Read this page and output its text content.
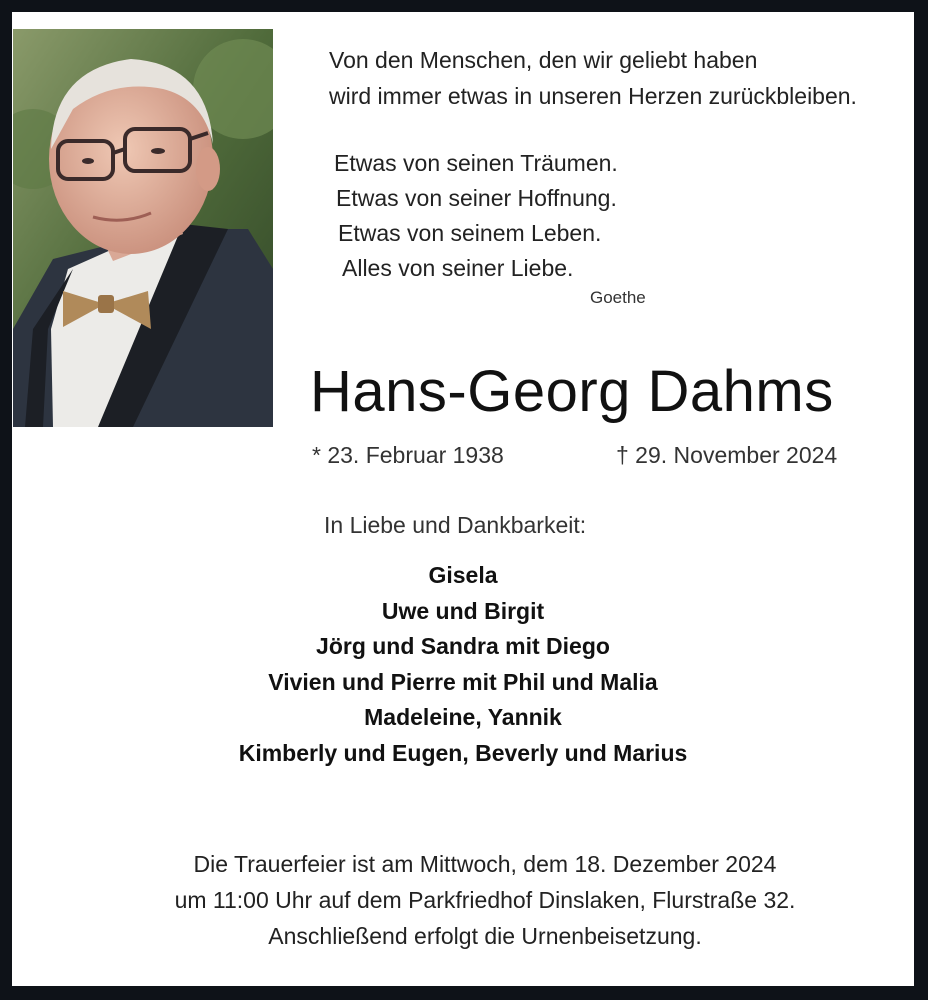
Von den Menschen, den wir geliebt haben
wird immer etwas in unseren Herzen zurückbleiben.
Etwas von seinen Träumen.
Etwas von seiner Hoffnung.
Etwas von seinem Leben.
Alles von seiner Liebe.
Goethe
Hans-Georg Dahms
* 23. Februar 1938	† 29. November 2024
In Liebe und Dankbarkeit:
Gisela
Uwe und Birgit
Jörg und Sandra mit Diego
Vivien und Pierre mit Phil und Malia
Madeleine, Yannik
Kimberly und Eugen, Beverly und Marius
Die Trauerfeier ist am Mittwoch, dem 18. Dezember 2024
um 11:00 Uhr auf dem Parkfriedhof Dinslaken, Flurstraße 32.
Anschließend erfolgt die Urnenbeisetzung.
